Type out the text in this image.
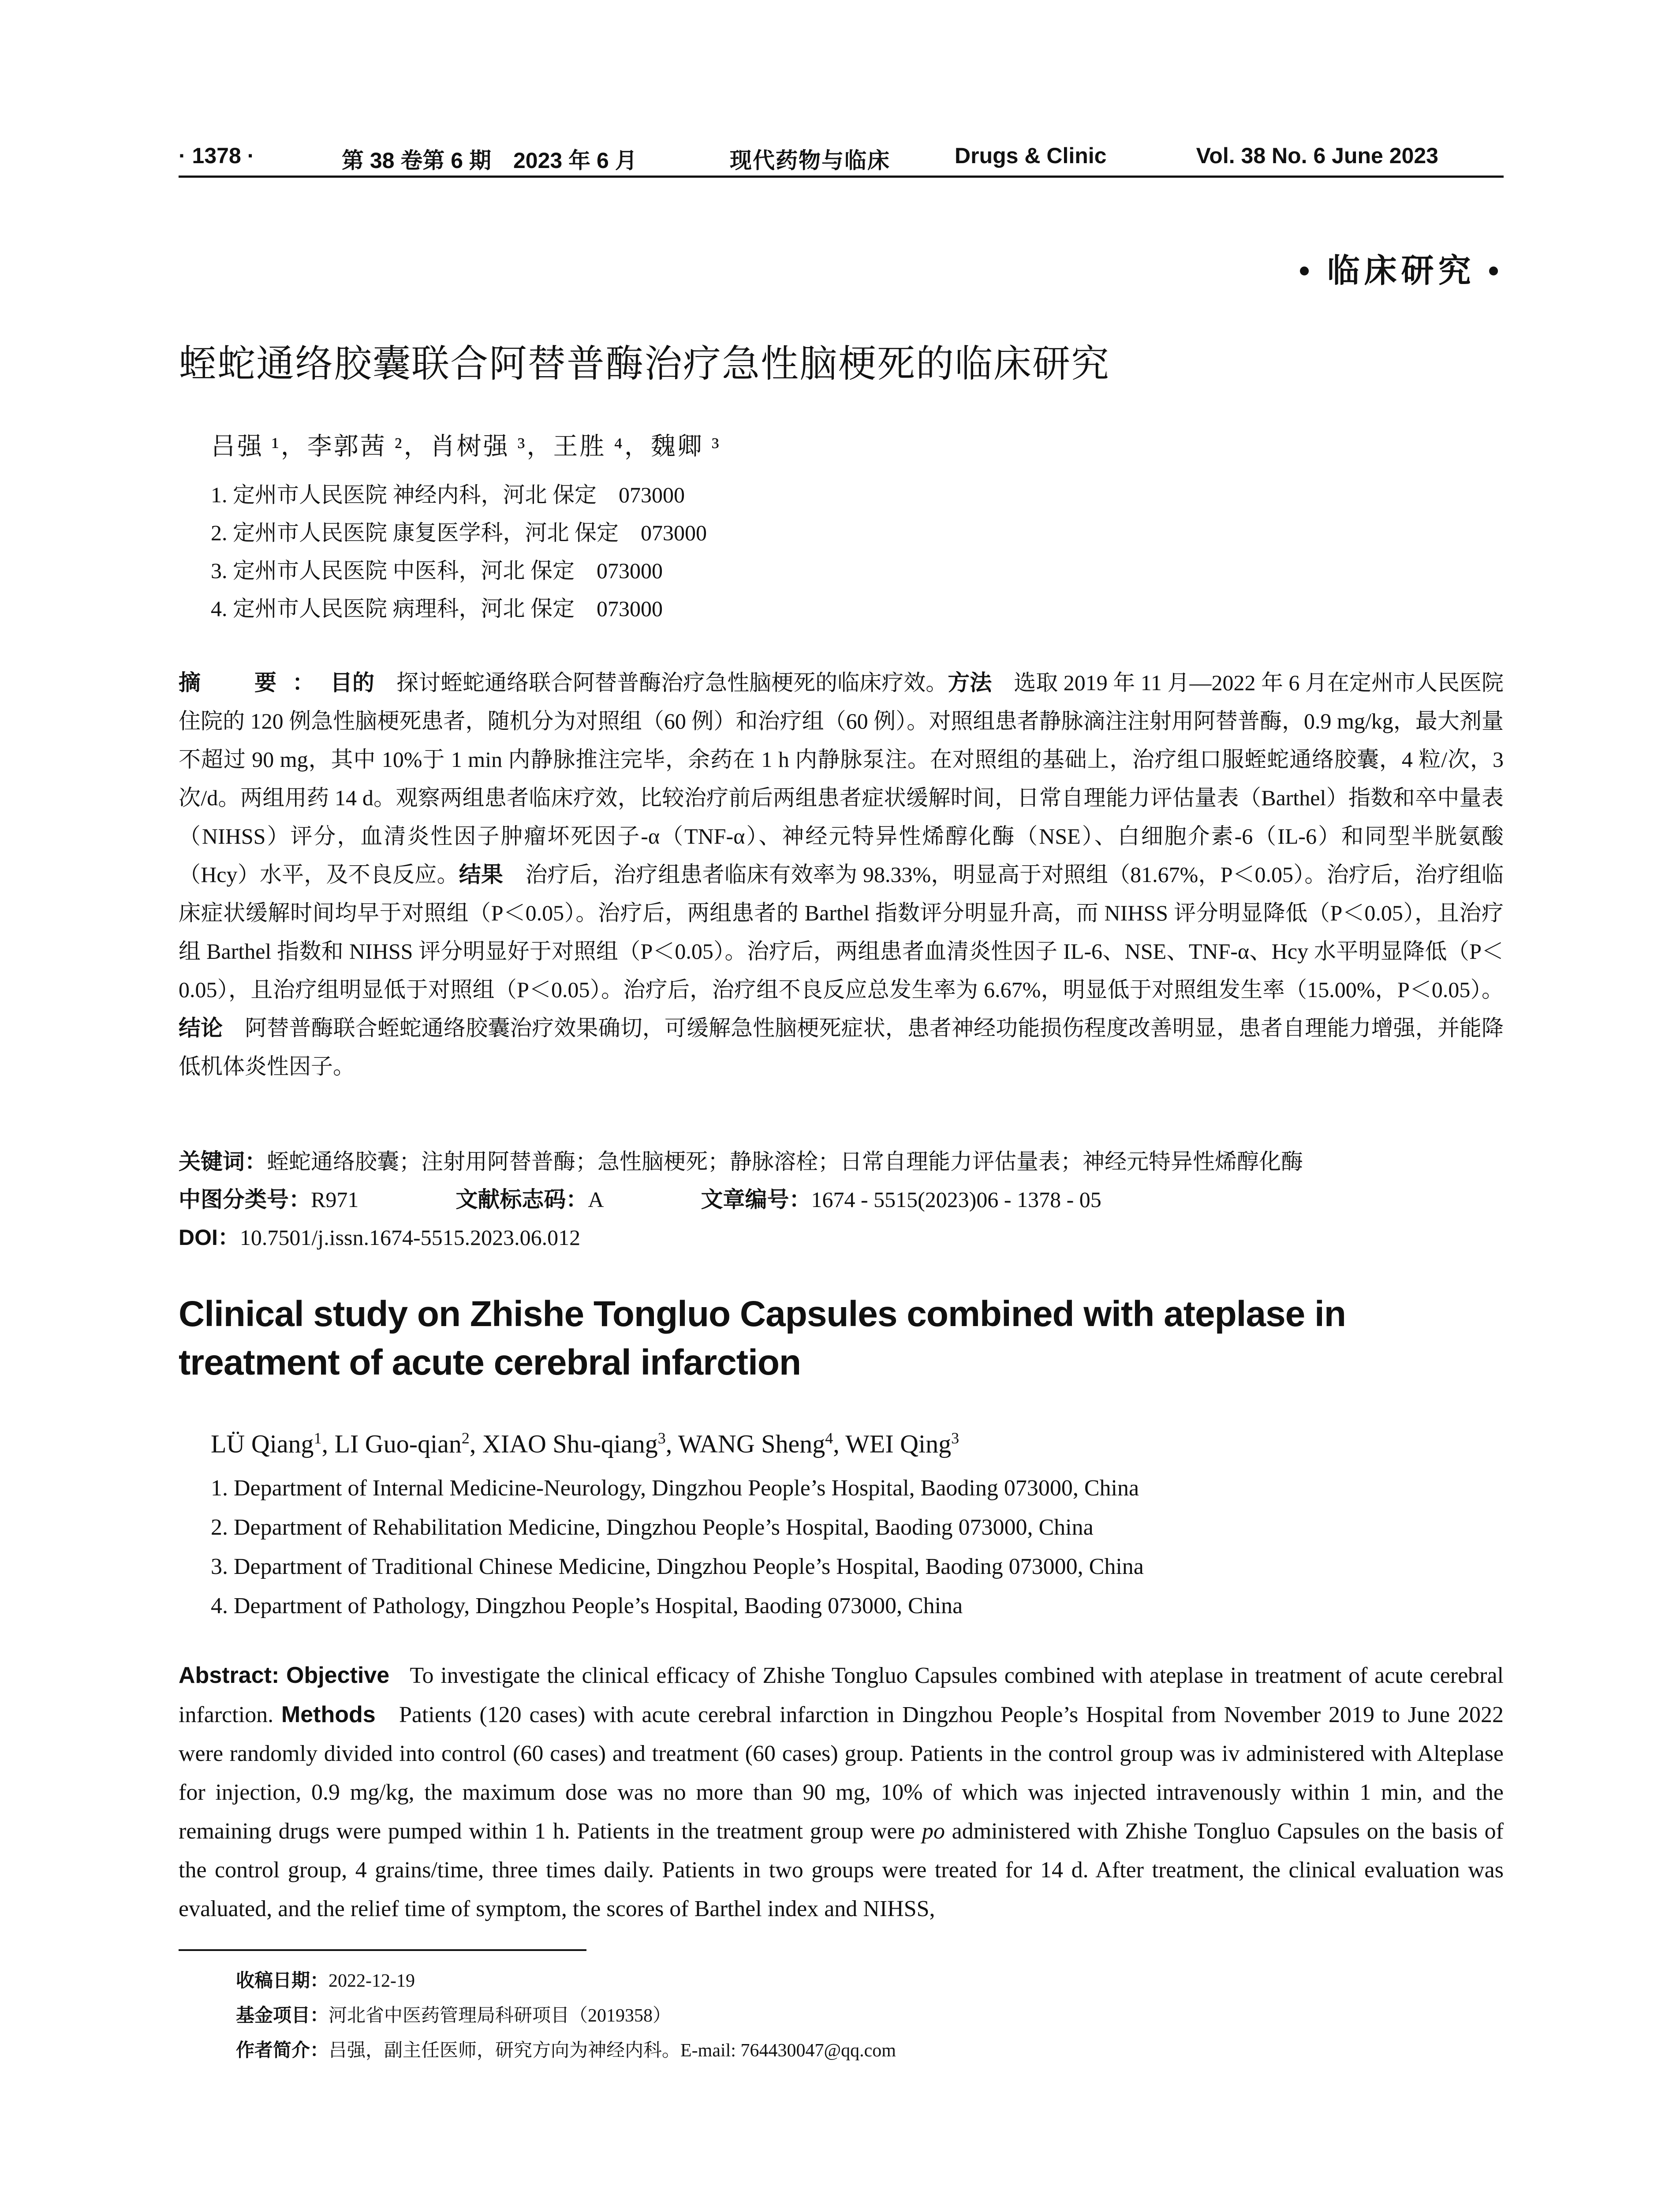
· 1378 ·	第 38 卷第 6 期　2023 年 6 月	现代药物与临床	Drugs & Clinic	Vol. 38 No. 6 June 2023
• 临床研究 •
蛭蛇通络胶囊联合阿替普酶治疗急性脑梗死的临床研究
吕强 ¹，李郭茜 ²，肖树强 ³，王胜 ⁴，魏卿 ³
1. 定州市人民医院 神经内科，河北 保定　073000
2. 定州市人民医院 康复医学科，河北 保定　073000
3. 定州市人民医院 中医科，河北 保定　073000
4. 定州市人民医院 病理科，河北 保定　073000
摘　要：目的　 探讨蛭蛇通络联合阿替普酶治疗急性脑梗死的临床疗效。方法　 选取 2019 年 11 月—2022 年 6 月在定州市人民医院住院的 120 例急性脑梗死患者，随机分为对照组（60 例）和治疗组（60 例）。对照组患者静脉滴注注射用阿替普酶，0.9 mg/kg，最大剂量不超过 90 mg，其中 10%于 1 min 内静脉推注完毕，余药在 1 h 内静脉泵注。在对照组的基础上，治疗组口服蛭蛇通络胶囊，4 粒/次，3 次/d。两组用药 14 d。观察两组患者临床疗效，比较治疗前后两组患者症状缓解时间，日常自理能力评估量表（Barthel）指数和卒中量表（NIHSS）评分，血清炎性因子肿瘤坏死因子-α（TNF-α）、神经元特异性烯醇化酶（NSE）、白细胞介素-6（IL-6）和同型半胱氨酸（Hcy）水平，及不良反应。结果　 治疗后，治疗组患者临床有效率为 98.33%，明显高于对照组（81.67%，P＜0.05）。治疗后，治疗组临床症状缓解时间均早于对照组（P＜0.05）。治疗后，两组患者的 Barthel 指数评分明显升高，而 NIHSS 评分明显降低（P＜0.05），且治疗组 Barthel 指数和 NIHSS 评分明显好于对照组（P＜0.05）。治疗后，两组患者血清炎性因子 IL-6、NSE、TNF-α、Hcy 水平明显降低（P＜0.05），且治疗组明显低于对照组（P＜0.05）。治疗后，治疗组不良反应总发生率为 6.67%，明显低于对照组发生率（15.00%，P＜0.05）。结论　 阿替普酶联合蛭蛇通络胶囊治疗效果确切，可缓解急性脑梗死症状，患者神经功能损伤程度改善明显，患者自理能力增强，并能降低机体炎性因子。
关键词：蛭蛇通络胶囊；注射用阿替普酶；急性脑梗死；静脉溶栓；日常自理能力评估量表；神经元特异性烯醇化酶
中图分类号：R971	文献标志码：A	文章编号：1674 - 5515(2023)06 - 1378 - 05
DOI：10.7501/j.issn.1674-5515.2023.06.012
Clinical study on Zhishe Tongluo Capsules combined with ateplase in treatment of acute cerebral infarction
LÜ Qiang$^1$, LI Guo-qian$^2$, XIAO Shu-qiang$^3$, WANG Sheng$^4$, WEI Qing$^3$
1. Department of Internal Medicine-Neurology, Dingzhou People’s Hospital, Baoding 073000, China
2. Department of Rehabilitation Medicine, Dingzhou People’s Hospital, Baoding 073000, China
3. Department of Traditional Chinese Medicine, Dingzhou People’s Hospital, Baoding 073000, China
4. Department of Pathology, Dingzhou People’s Hospital, Baoding 073000, China
Abstract: Objective To investigate the clinical efficacy of Zhishe Tongluo Capsules combined with ateplase in treatment of acute cerebral infarction. Methods Patients (120 cases) with acute cerebral infarction in Dingzhou People’s Hospital from November 2019 to June 2022 were randomly divided into control (60 cases) and treatment (60 cases) group. Patients in the control group was iv administered with Alteplase for injection, 0.9 mg/kg, the maximum dose was no more than 90 mg, 10% of which was injected intravenously within 1 min, and the remaining drugs were pumped within 1 h. Patients in the treatment group were po administered with Zhishe Tongluo Capsules on the basis of the control group, 4 grains/time, three times daily. Patients in two groups were treated for 14 d. After treatment, the clinical evaluation was evaluated, and the relief time of symptom, the scores of Barthel index and NIHSS,
收稿日期：2022-12-19
基金项目：河北省中医药管理局科研项目（2019358）
作者简介：吕强，副主任医师，研究方向为神经内科。E-mail: 764430047@qq.com
